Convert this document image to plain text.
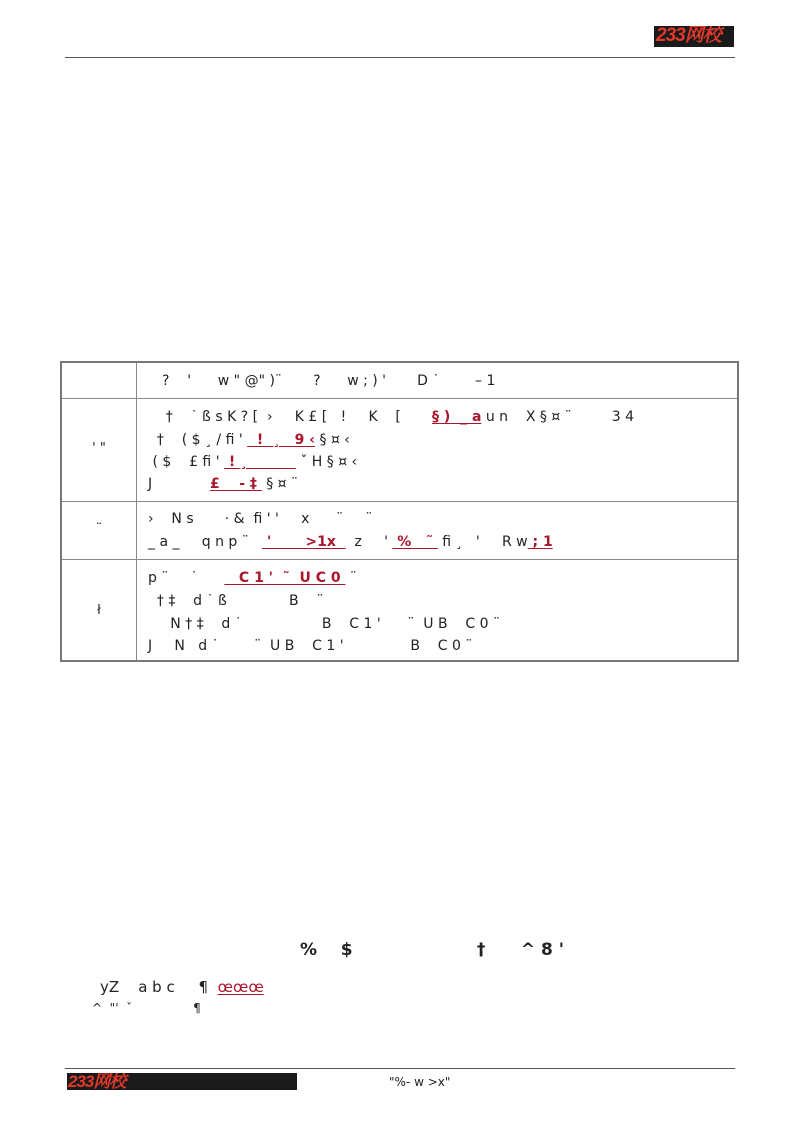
233网校
?    '      w " @" )¨       ?      w ; ) '       D ˙        – 1
' "
†    ˙ ß s K ? [  ›     K £ [   !     K    [       § )  _ a u n    X § ¤ ¨         3 4
†    ( $ ¸ / fi '   !  ¸   9 ‹ § ¤ ‹
( $    £ fi '  ! ¸           ˇ H § ¤ ‹
J             £    - ‡  § ¤ ¨
¨
›    N s       · &  fi ' '     x      ¨     ¨
_ a _     q n p ¨    '       >1x    z     '  %   ˜  fi ¸   '     R w ; 1
ł
p ¨     ˙         C 1 '  ˜  U C 0  ¨
† ‡    d ˙ ß              B    ¨
N † ‡    d ˙                  B    C 1 '      ¨  U B    C 0 ¨
J     N   d ˙        ¨  U B    C 1 '               B    C 0 ¨
%    $                     †      ^ 8 '
yZ    a b c     ¶  œœœ
^  "'  ˇ                ¶
233网校	"%- w >x"
